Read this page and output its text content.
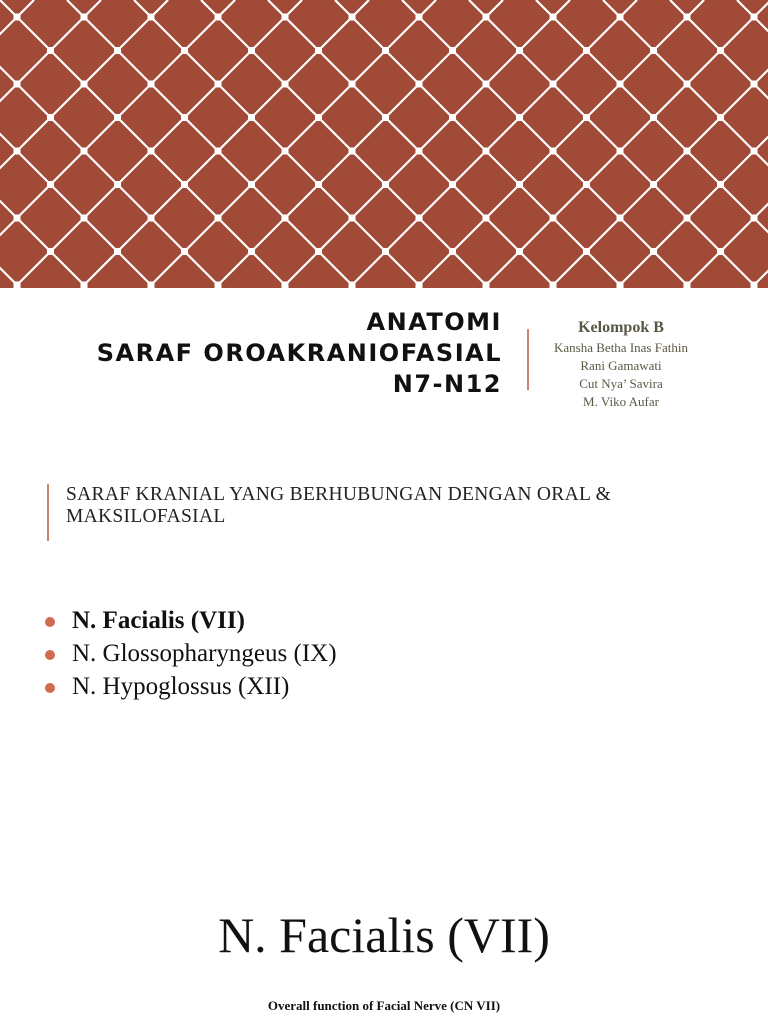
ANATOMI
SARAF OROAKRANIOFASIAL
N7-N12
Kelompok B
Kansha Betha Inas Fathin
Rani Gamawati
Cut Nya’ Savira
M. Viko Aufar
SARAF KRANIAL YANG BERHUBUNGAN DENGAN ORAL & MAKSILOFASIAL
N. Facialis (VII)
N. Glossopharyngeus (IX)
N. Hypoglossus (XII)
N. Facialis (VII)
Overall function of Facial Nerve (CN VII)
